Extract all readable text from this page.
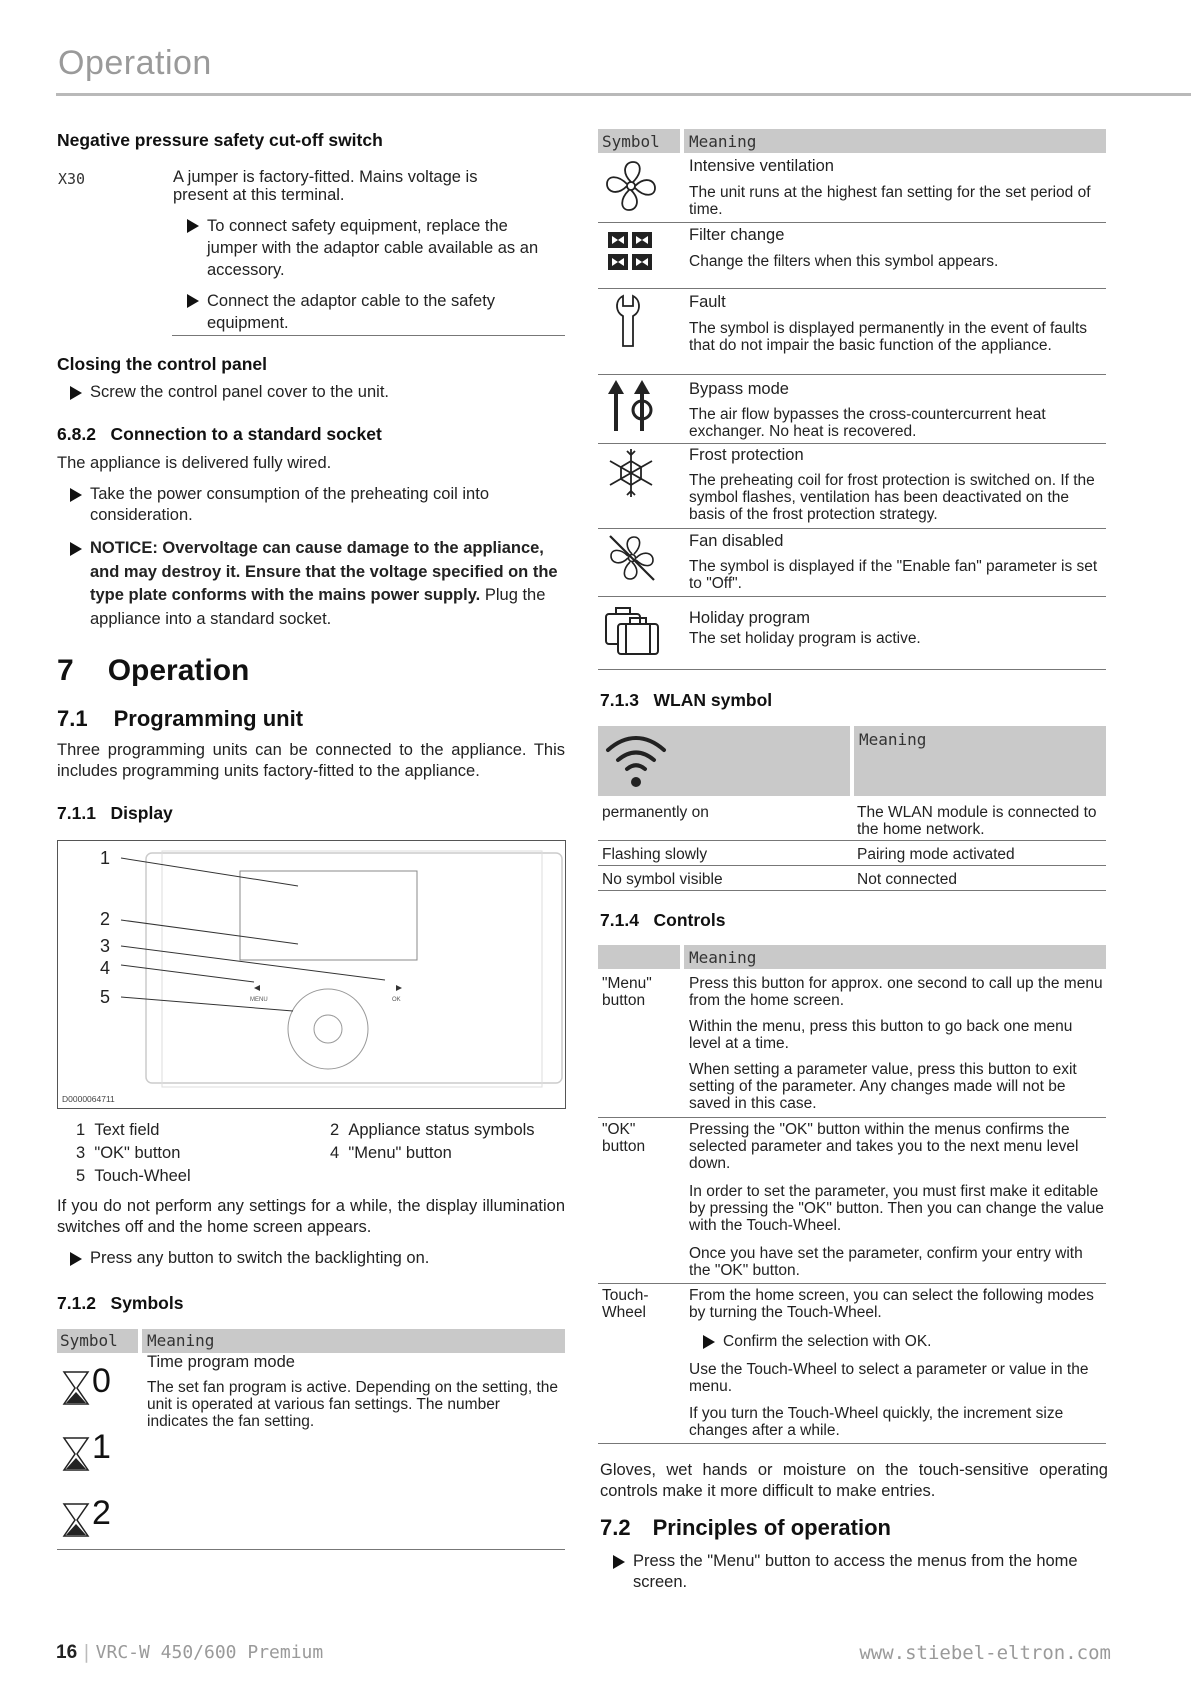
Operation
Negative pressure safety cut-off switch
X30	A jumper is factory-fitted. Mains voltage is present at this terminal.
To connect safety equipment, replace the jumper with the adaptor cable available as an accessory.
Connect the adaptor cable to the safety equipment.
Closing the control panel
Screw the control panel cover to the unit.
6.8.2 Connection to a standard socket
The appliance is delivered fully wired.
Take the power consumption of the preheating coil into consideration.
NOTICE: Overvoltage can cause damage to the appliance, and may destroy it. Ensure that the voltage specified on the type plate conforms with the mains power supply. Plug the appliance into a standard socket.
7 Operation
7.1 Programming unit
Three programming units can be connected to the appliance. This includes programming units factory-fitted to the appliance.
7.1.1 Display
MENU	OK
1
2
3
4
5
D0000064711
1 Text field	2 Appliance status symbols
3 "OK" button	4 "Menu" button
5 Touch-Wheel
If you do not perform any settings for a while, the display illumination switches off and the home screen appears.
Press any button to switch the backlighting on.
7.1.2 Symbols
Symbol Meaning
0
1
2
Time program mode
The set fan program is active. Depending on the setting, the unit is operated at various fan settings. The number indicates the fan setting.
Symbol Meaning
Intensive ventilation
The unit runs at the highest fan setting for the set period of time.
Filter change
Change the filters when this symbol appears.
Fault
The symbol is displayed permanently in the event of faults that do not impair the basic function of the appliance.
Bypass mode
The air flow bypasses the cross-countercurrent heat exchanger. No heat is recovered.
Frost protection
The preheating coil for frost protection is switched on. If the symbol flashes, ventilation has been deactivated on the basis of the frost protection strategy.
Fan disabled
The symbol is displayed if the "Enable fan" parameter is set to "Off".
Holiday program
The set holiday program is active.
7.1.3 WLAN symbol
Meaning
permanently on	The WLAN module is connected to the home network.
Flashing slowly	Pairing mode activated
No symbol visible	Not connected
7.1.4 Controls
Meaning
"Menu" button
Press this button for approx. one second to call up the menu from the home screen.
Within the menu, press this button to go back one menu level at a time.
When setting a parameter value, press this button to exit setting of the parameter. Any changes made will not be saved in this case.
"OK" button
Pressing the "OK" button within the menus confirms the selected parameter and takes you to the next menu level down.
In order to set the parameter, you must first make it editable by pressing the "OK" button. Then you can change the value with the Touch-Wheel.
Once you have set the parameter, confirm your entry with the "OK" button.
Touch-Wheel
From the home screen, you can select the following modes by turning the Touch-Wheel.
Confirm the selection with OK.
Use the Touch-Wheel to select a parameter or value in the menu.
If you turn the Touch-Wheel quickly, the increment size changes after a while.
Gloves, wet hands or moisture on the touch-sensitive operating controls make it more difficult to make entries.
7.2 Principles of operation
Press the "Menu" button to access the menus from the home screen.
16 | VRC-W 450/600 Premium	www.stiebel-eltron.com
